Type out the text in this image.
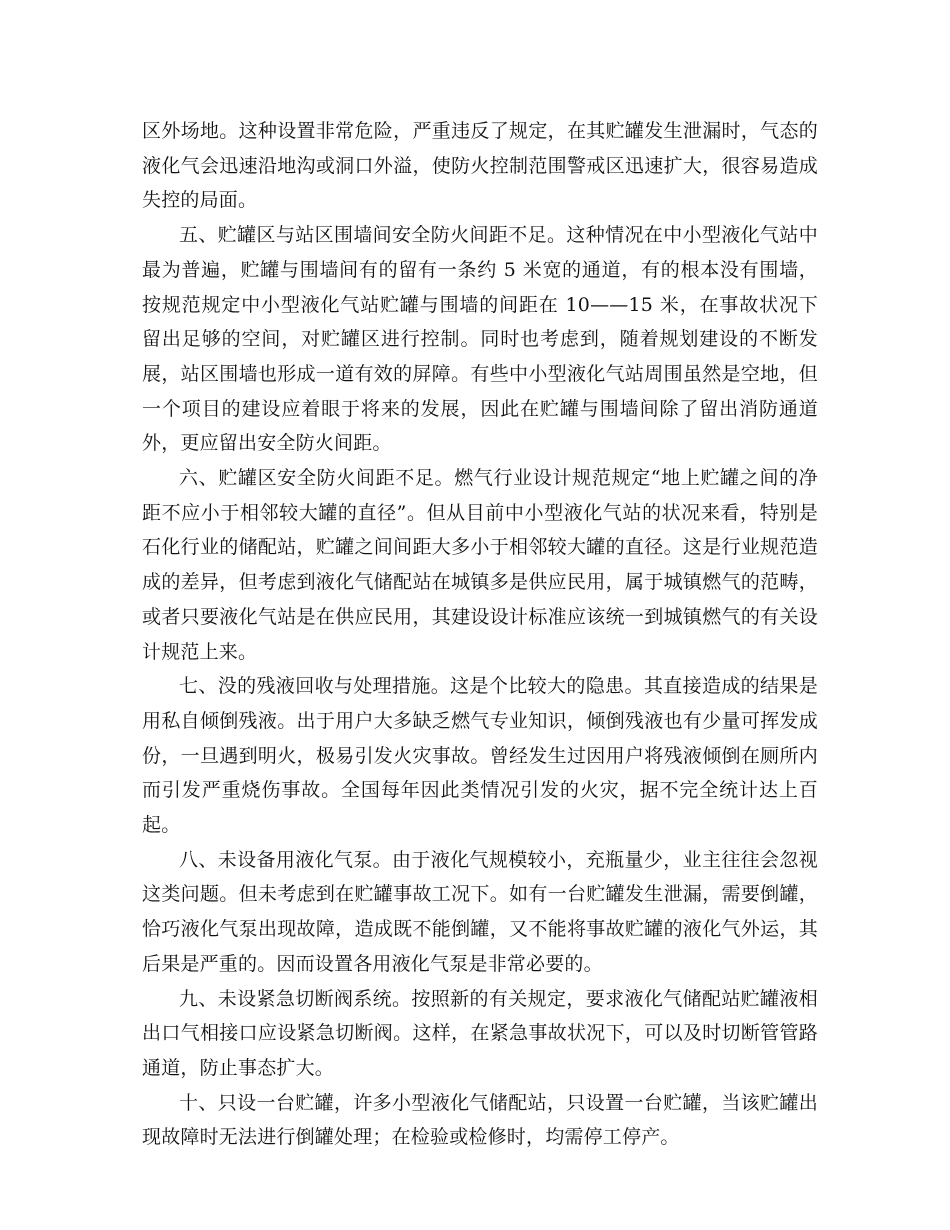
区外场地。这种设置非常危险，严重违反了规定，在其贮罐发生泄漏时，气态的液化气会迅速沿地沟或洞口外溢，使防火控制范围警戒区迅速扩大，很容易造成失控的局面。

五、贮罐区与站区围墙间安全防火间距不足。这种情况在中小型液化气站中最为普遍，贮罐与围墙间有的留有一条约 5 米宽的通道，有的根本没有围墙，按规范规定中小型液化气站贮罐与围墙的间距在 10——15 米，在事故状况下留出足够的空间，对贮罐区进行控制。同时也考虑到，随着规划建设的不断发展，站区围墙也形成一道有效的屏障。有些中小型液化气站周围虽然是空地，但一个项目的建设应着眼于将来的发展，因此在贮罐与围墙间除了留出消防通道外，更应留出安全防火间距。

六、贮罐区安全防火间距不足。燃气行业设计规范规定“地上贮罐之间的净距不应小于相邻较大罐的直径”。但从目前中小型液化气站的状况来看，特别是石化行业的储配站，贮罐之间间距大多小于相邻较大罐的直径。这是行业规范造成的差异，但考虑到液化气储配站在城镇多是供应民用，属于城镇燃气的范畴，或者只要液化气站是在供应民用，其建设设计标准应该统一到城镇燃气的有关设计规范上来。

七、没的残液回收与处理措施。这是个比较大的隐患。其直接造成的结果是用私自倾倒残液。出于用户大多缺乏燃气专业知识，倾倒残液也有少量可挥发成份，一旦遇到明火，极易引发火灾事故。曾经发生过因用户将残液倾倒在厕所内而引发严重烧伤事故。全国每年因此类情况引发的火灾，据不完全统计达上百起。

八、未设备用液化气泵。由于液化气规模较小，充瓶量少，业主往往会忽视这类问题。但未考虑到在贮罐事故工况下。如有一台贮罐发生泄漏，需要倒罐，恰巧液化气泵出现故障，造成既不能倒罐，又不能将事故贮罐的液化气外运，其后果是严重的。因而设置各用液化气泵是非常必要的。

九、未设紧急切断阀系统。按照新的有关规定，要求液化气储配站贮罐液相出口气相接口应设紧急切断阀。这样，在紧急事故状况下，可以及时切断管管路通道，防止事态扩大。

十、只设一台贮罐，许多小型液化气储配站，只设置一台贮罐，当该贮罐出现故障时无法进行倒罐处理；在检验或检修时，均需停工停产。
